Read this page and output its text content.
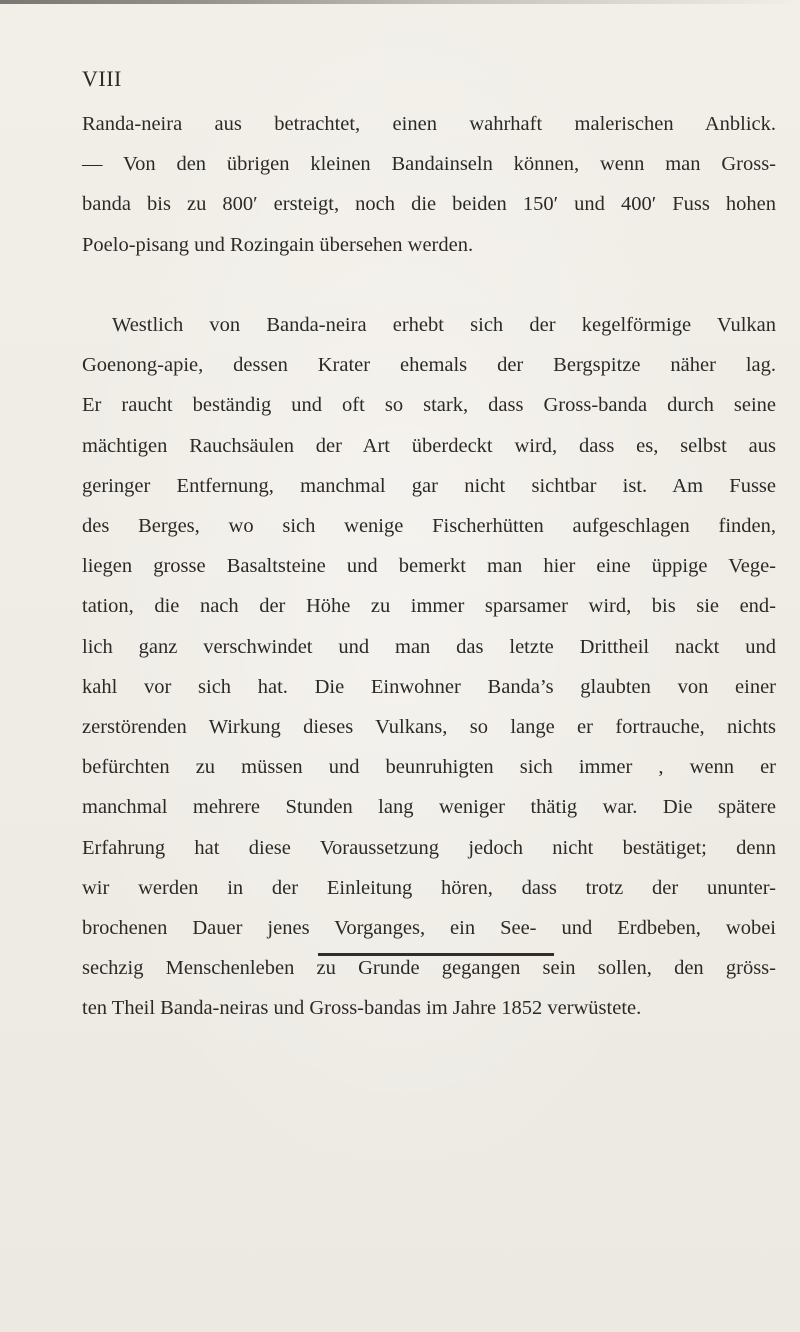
VIII
Randa-neira aus betrachtet, einen wahrhaft malerischen Anblick.
— Von den übrigen kleinen Bandainseln können, wenn man Gross-
banda bis zu 800′ ersteigt, noch die beiden 150′ und 400′ Fuss hohen
Poelo-pisang und Rozingain übersehen werden.
Westlich von Banda-neira erhebt sich der kegelförmige Vulkan
Goenong-apie, dessen Krater ehemals der Bergspitze näher lag.
Er raucht beständig und oft so stark, dass Gross-banda durch seine
mächtigen Rauchsäulen der Art überdeckt wird, dass es, selbst aus
geringer Entfernung, manchmal gar nicht sichtbar ist. Am Fusse
des Berges, wo sich wenige Fischerhütten aufgeschlagen finden,
liegen grosse Basaltsteine und bemerkt man hier eine üppige Vege-
tation, die nach der Höhe zu immer sparsamer wird, bis sie end-
lich ganz verschwindet und man das letzte Drittheil nackt und
kahl vor sich hat. Die Einwohner Banda’s glaubten von einer
zerstörenden Wirkung dieses Vulkans, so lange er fortrauche, nichts
befürchten zu müssen und beunruhigten sich immer , wenn er
manchmal mehrere Stunden lang weniger thätig war. Die spätere
Erfahrung hat diese Voraussetzung jedoch nicht bestätiget; denn
wir werden in der Einleitung hören, dass trotz der ununter-
brochenen Dauer jenes Vorganges, ein See- und Erdbeben, wobei
sechzig Menschenleben zu Grunde gegangen sein sollen, den gröss-
ten Theil Banda-neiras und Gross-bandas im Jahre 1852 verwüstete.
